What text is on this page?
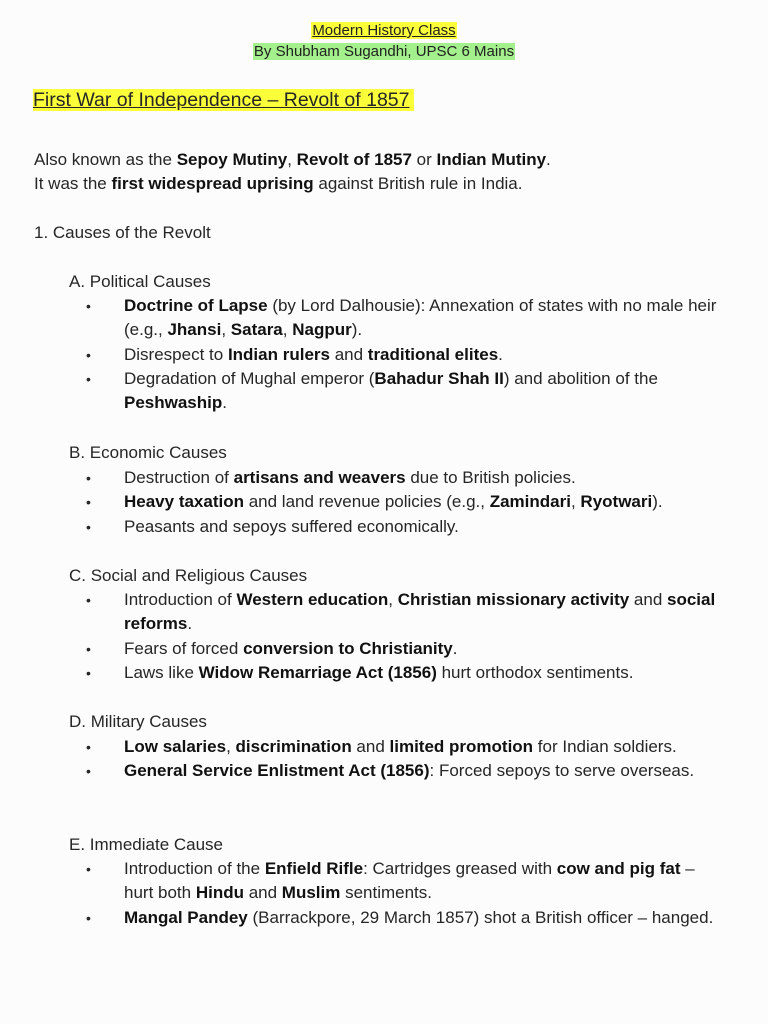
Modern History Class
By Shubham Sugandhi, UPSC 6 Mains
First War of Independence – Revolt of 1857
Also known as the Sepoy Mutiny, Revolt of 1857 or Indian Mutiny.
It was the first widespread uprising against British rule in India.
1. Causes of the Revolt
A. Political Causes
• Doctrine of Lapse (by Lord Dalhousie): Annexation of states with no male heir (e.g., Jhansi, Satara, Nagpur).
• Disrespect to Indian rulers and traditional elites.
• Degradation of Mughal emperor (Bahadur Shah II) and abolition of the Peshwaship.
B. Economic Causes
• Destruction of artisans and weavers due to British policies.
• Heavy taxation and land revenue policies (e.g., Zamindari, Ryotwari).
• Peasants and sepoys suffered economically.
C. Social and Religious Causes
• Introduction of Western education, Christian missionary activity and social reforms.
• Fears of forced conversion to Christianity.
• Laws like Widow Remarriage Act (1856) hurt orthodox sentiments.
D. Military Causes
• Low salaries, discrimination and limited promotion for Indian soldiers.
• General Service Enlistment Act (1856): Forced sepoys to serve overseas.
E. Immediate Cause
• Introduction of the Enfield Rifle: Cartridges greased with cow and pig fat – hurt both Hindu and Muslim sentiments.
• Mangal Pandey (Barrackpore, 29 March 1857) shot a British officer – hanged.
